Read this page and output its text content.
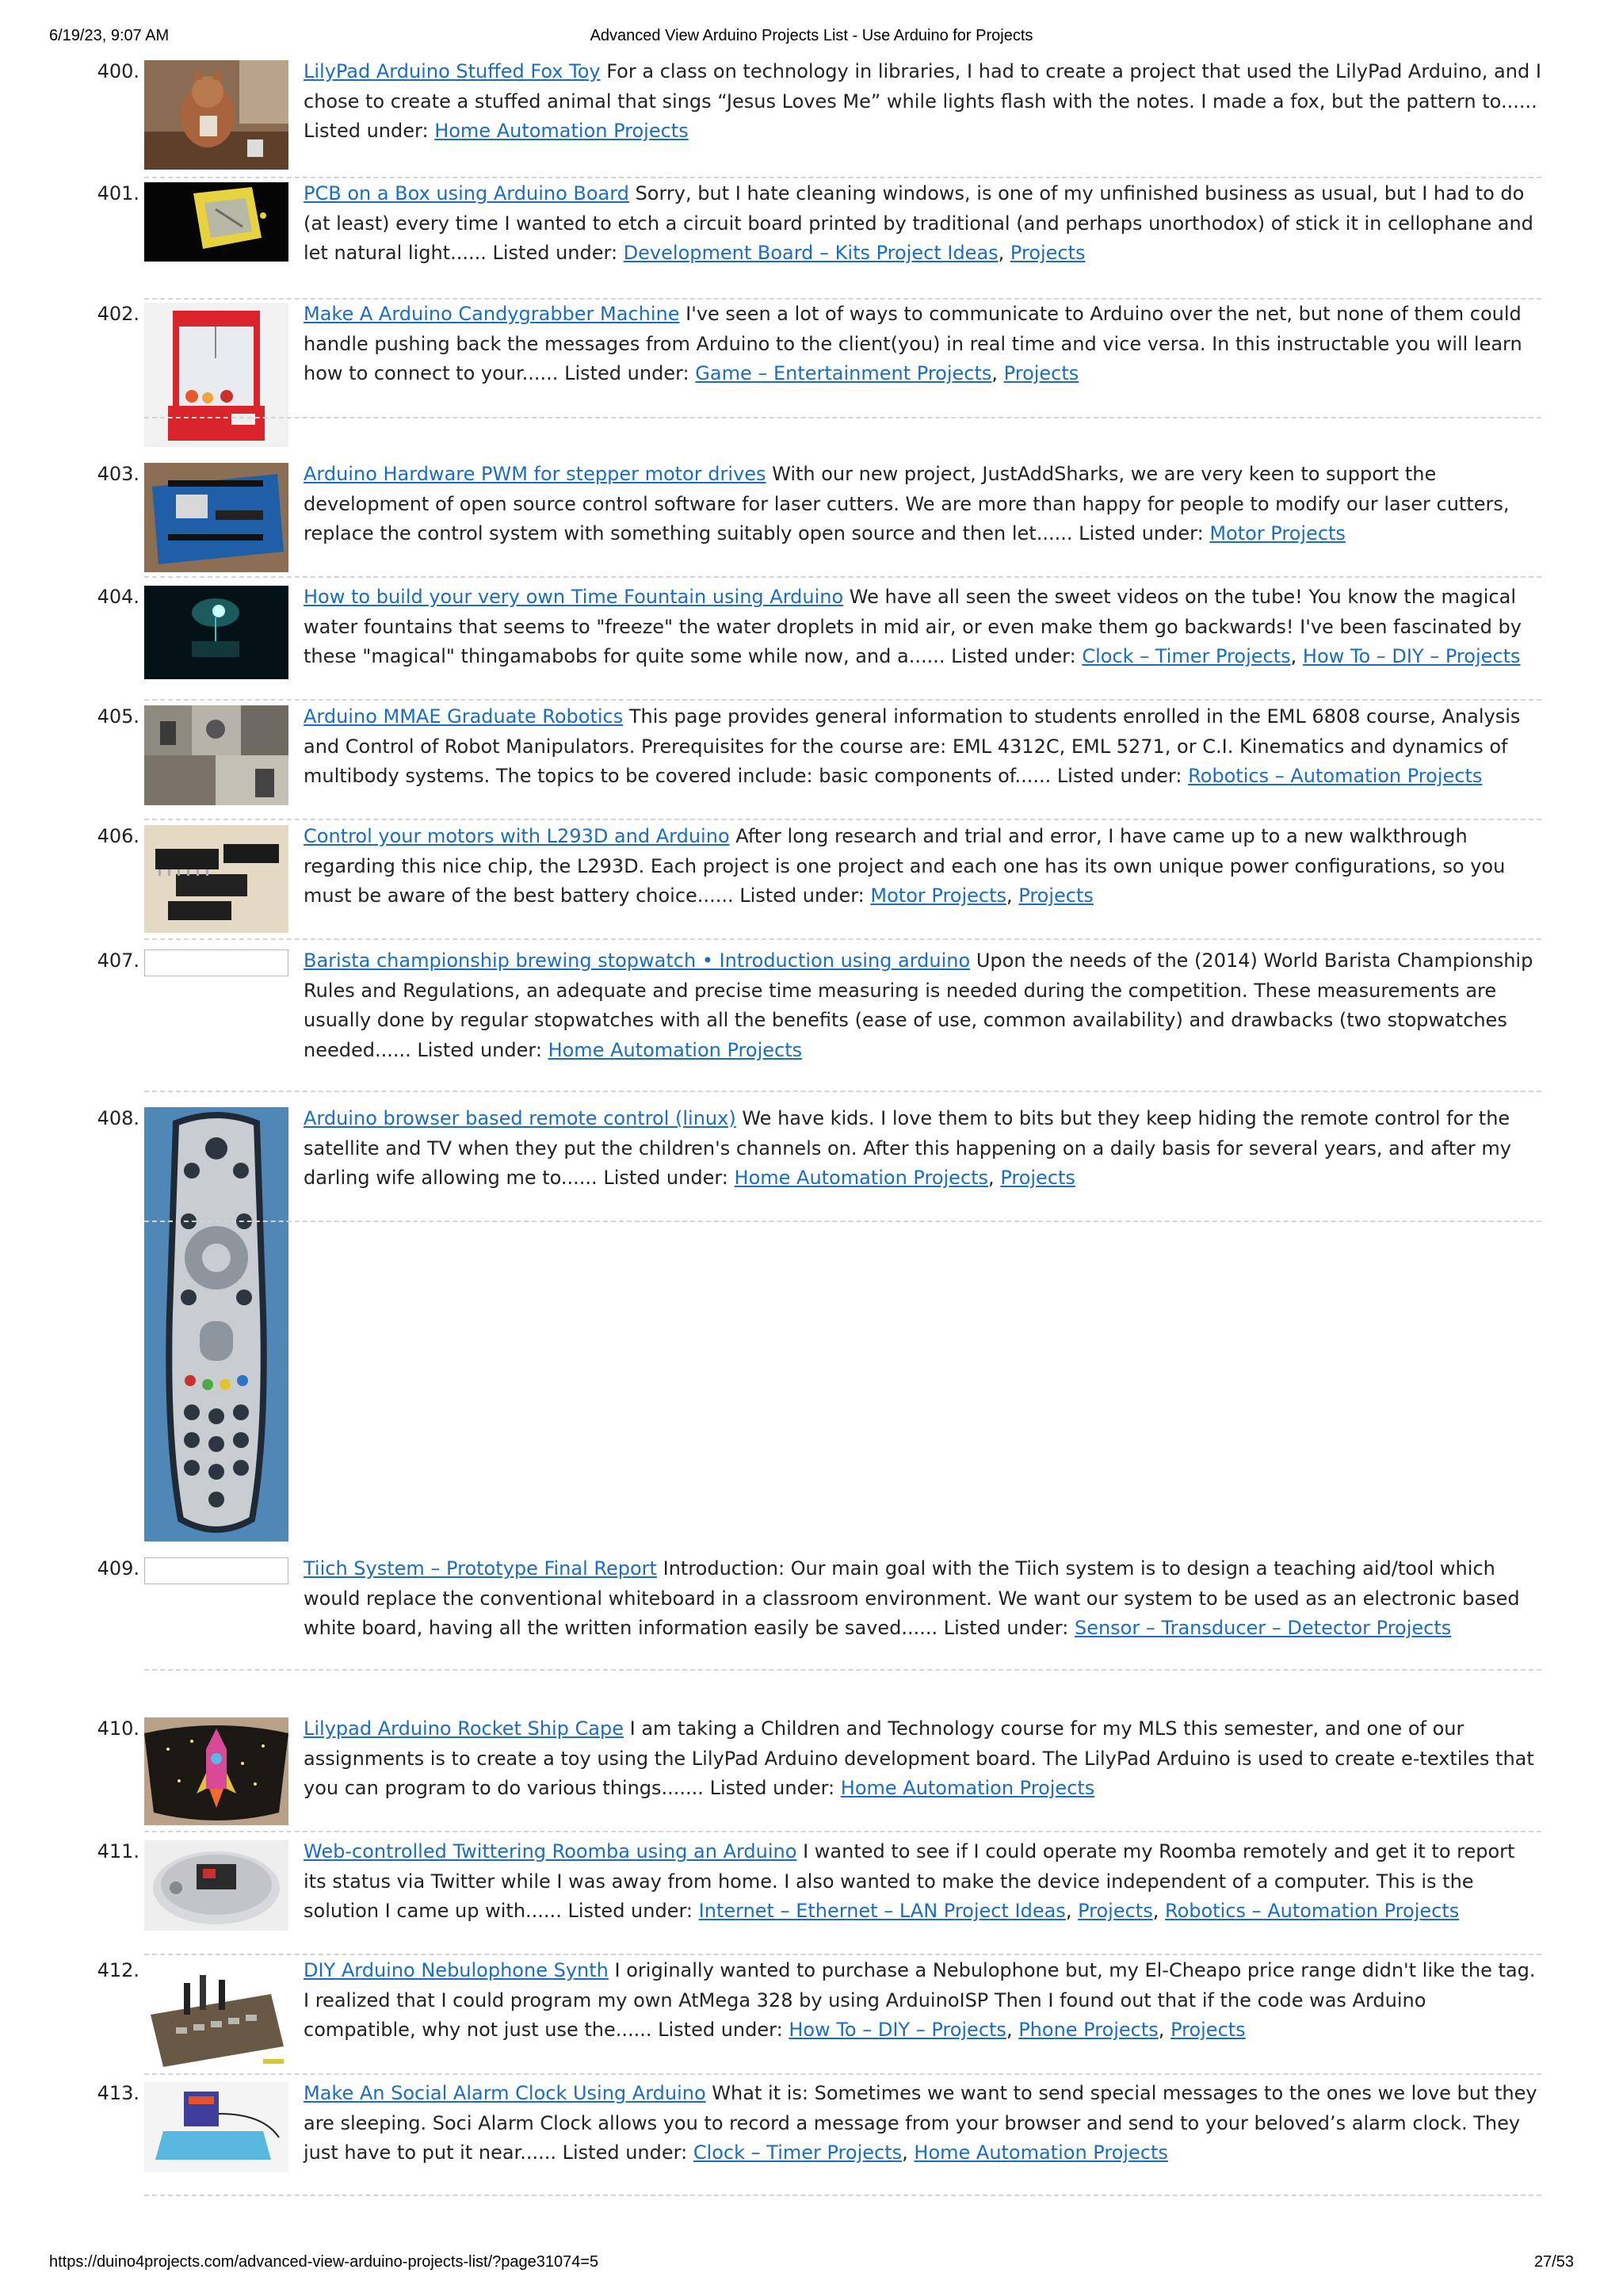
6/19/23, 9:07 AM	Advanced View Arduino Projects List - Use Arduino for Projects
400.	LilyPad Arduino Stuffed Fox Toy For a class on technology in libraries, I had to create a project that used the LilyPad Arduino, and I chose to create a stuffed animal that sings “Jesus Loves Me” while lights flash with the notes. I made a fox, but the pattern to...... Listed under: Home Automation Projects
401.	PCB on a Box using Arduino Board Sorry, but I hate cleaning windows, is one of my unfinished business as usual, but I had to do (at least) every time I wanted to etch a circuit board printed by traditional (and perhaps unorthodox) of stick it in cellophane and let natural light...... Listed under: Development Board – Kits Project Ideas, Projects
402.	Make A Arduino Candygrabber Machine I've seen a lot of ways to communicate to Arduino over the net, but none of them could handle pushing back the messages from Arduino to the client(you) in real time and vice versa. In this instructable you will learn how to connect to your...... Listed under: Game – Entertainment Projects, Projects
403.	Arduino Hardware PWM for stepper motor drives With our new project, JustAddSharks, we are very keen to support the development of open source control software for laser cutters. We are more than happy for people to modify our laser cutters, replace the control system with something suitably open source and then let...... Listed under: Motor Projects
404.	How to build your very own Time Fountain using Arduino We have all seen the sweet videos on the tube! You know the magical water fountains that seems to "freeze" the water droplets in mid air, or even make them go backwards! I've been fascinated by these "magical" thingamabobs for quite some while now, and a...... Listed under: Clock – Timer Projects, How To – DIY – Projects
405.	Arduino MMAE Graduate Robotics This page provides general information to students enrolled in the EML 6808 course, Analysis and Control of Robot Manipulators. Prerequisites for the course are: EML 4312C, EML 5271, or C.I. Kinematics and dynamics of multibody systems. The topics to be covered include: basic components of...... Listed under: Robotics – Automation Projects
406.	Control your motors with L293D and Arduino After long research and trial and error, I have came up to a new walkthrough regarding this nice chip, the L293D. Each project is one project and each one has its own unique power configurations, so you must be aware of the best battery choice...... Listed under: Motor Projects, Projects
407.	Barista championship brewing stopwatch • Introduction using arduino Upon the needs of the (2014) World Barista Championship Rules and Regulations, an adequate and precise time measuring is needed during the competition. These measurements are usually done by regular stopwatches with all the benefits (ease of use, common availability) and drawbacks (two stopwatches needed...... Listed under: Home Automation Projects
408.	Arduino browser based remote control (linux) We have kids. I love them to bits but they keep hiding the remote control for the satellite and TV when they put the children's channels on. After this happening on a daily basis for several years, and after my darling wife allowing me to...... Listed under: Home Automation Projects, Projects
409.	Tiich System – Prototype Final Report Introduction: Our main goal with the Tiich system is to design a teaching aid/tool which would replace the conventional whiteboard in a classroom environment. We want our system to be used as an electronic based white board, having all the written information easily be saved...... Listed under: Sensor – Transducer – Detector Projects
410.	Lilypad Arduino Rocket Ship Cape I am taking a Children and Technology course for my MLS this semester, and one of our assignments is to create a toy using the LilyPad Arduino development board. The LilyPad Arduino is used to create e-textiles that you can program to do various things....... Listed under: Home Automation Projects
411.	Web-controlled Twittering Roomba using an Arduino I wanted to see if I could operate my Roomba remotely and get it to report its status via Twitter while I was away from home. I also wanted to make the device independent of a computer. This is the solution I came up with...... Listed under: Internet – Ethernet – LAN Project Ideas, Projects, Robotics – Automation Projects
412.	DIY Arduino Nebulophone Synth I originally wanted to purchase a Nebulophone but, my El-Cheapo price range didn't like the tag. I realized that I could program my own AtMega 328 by using ArduinoISP Then I found out that if the code was Arduino compatible, why not just use the...... Listed under: How To – DIY – Projects, Phone Projects, Projects
413.	Make An Social Alarm Clock Using Arduino What it is: Sometimes we want to send special messages to the ones we love but they are sleeping. Soci Alarm Clock allows you to record a message from your browser and send to your beloved’s alarm clock. They just have to put it near...... Listed under: Clock – Timer Projects, Home Automation Projects
https://duino4projects.com/advanced-view-arduino-projects-list/?page31074=5	27/53
